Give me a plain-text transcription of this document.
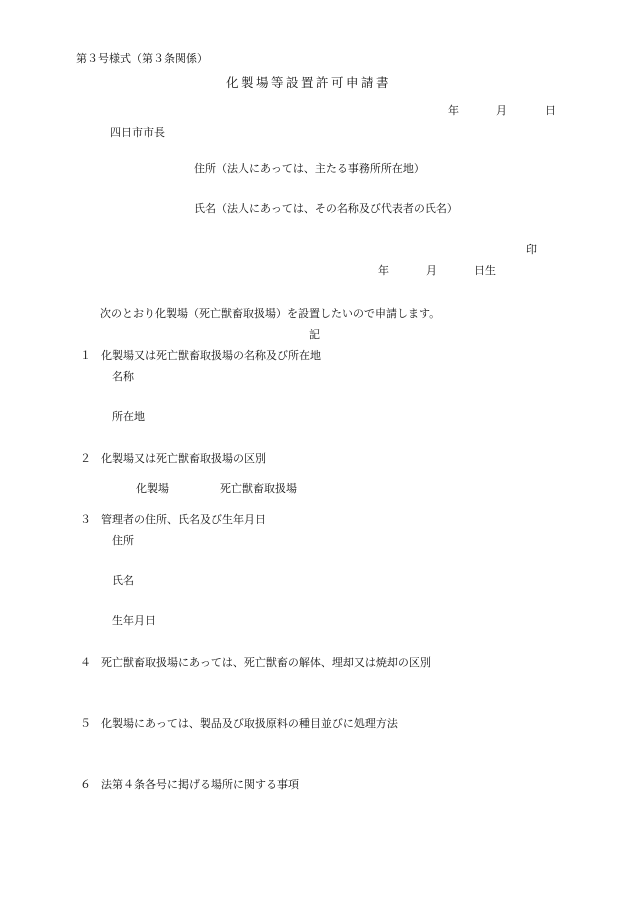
第３号様式（第３条関係）
化製場等設置許可申請書
年	月	日
四日市市長
住所（法人にあっては、主たる事務所所在地）
氏名（法人にあっては、その名称及び代表者の氏名）
印
年	月	日生
次のとおり化製場（死亡獣畜取扱場）を設置したいので申請します。
記
１ 化製場又は死亡獣畜取扱場の名称及び所在地
名称
所在地
２ 化製場又は死亡獣畜取扱場の区別
化製場	死亡獣畜取扱場
３ 管理者の住所、氏名及び生年月日
住所
氏名
生年月日
４ 死亡獣畜取扱場にあっては、死亡獣畜の解体、埋却又は焼却の区別
５ 化製場にあっては、製品及び取扱原料の種目並びに処理方法
６ 法第４条各号に掲げる場所に関する事項
